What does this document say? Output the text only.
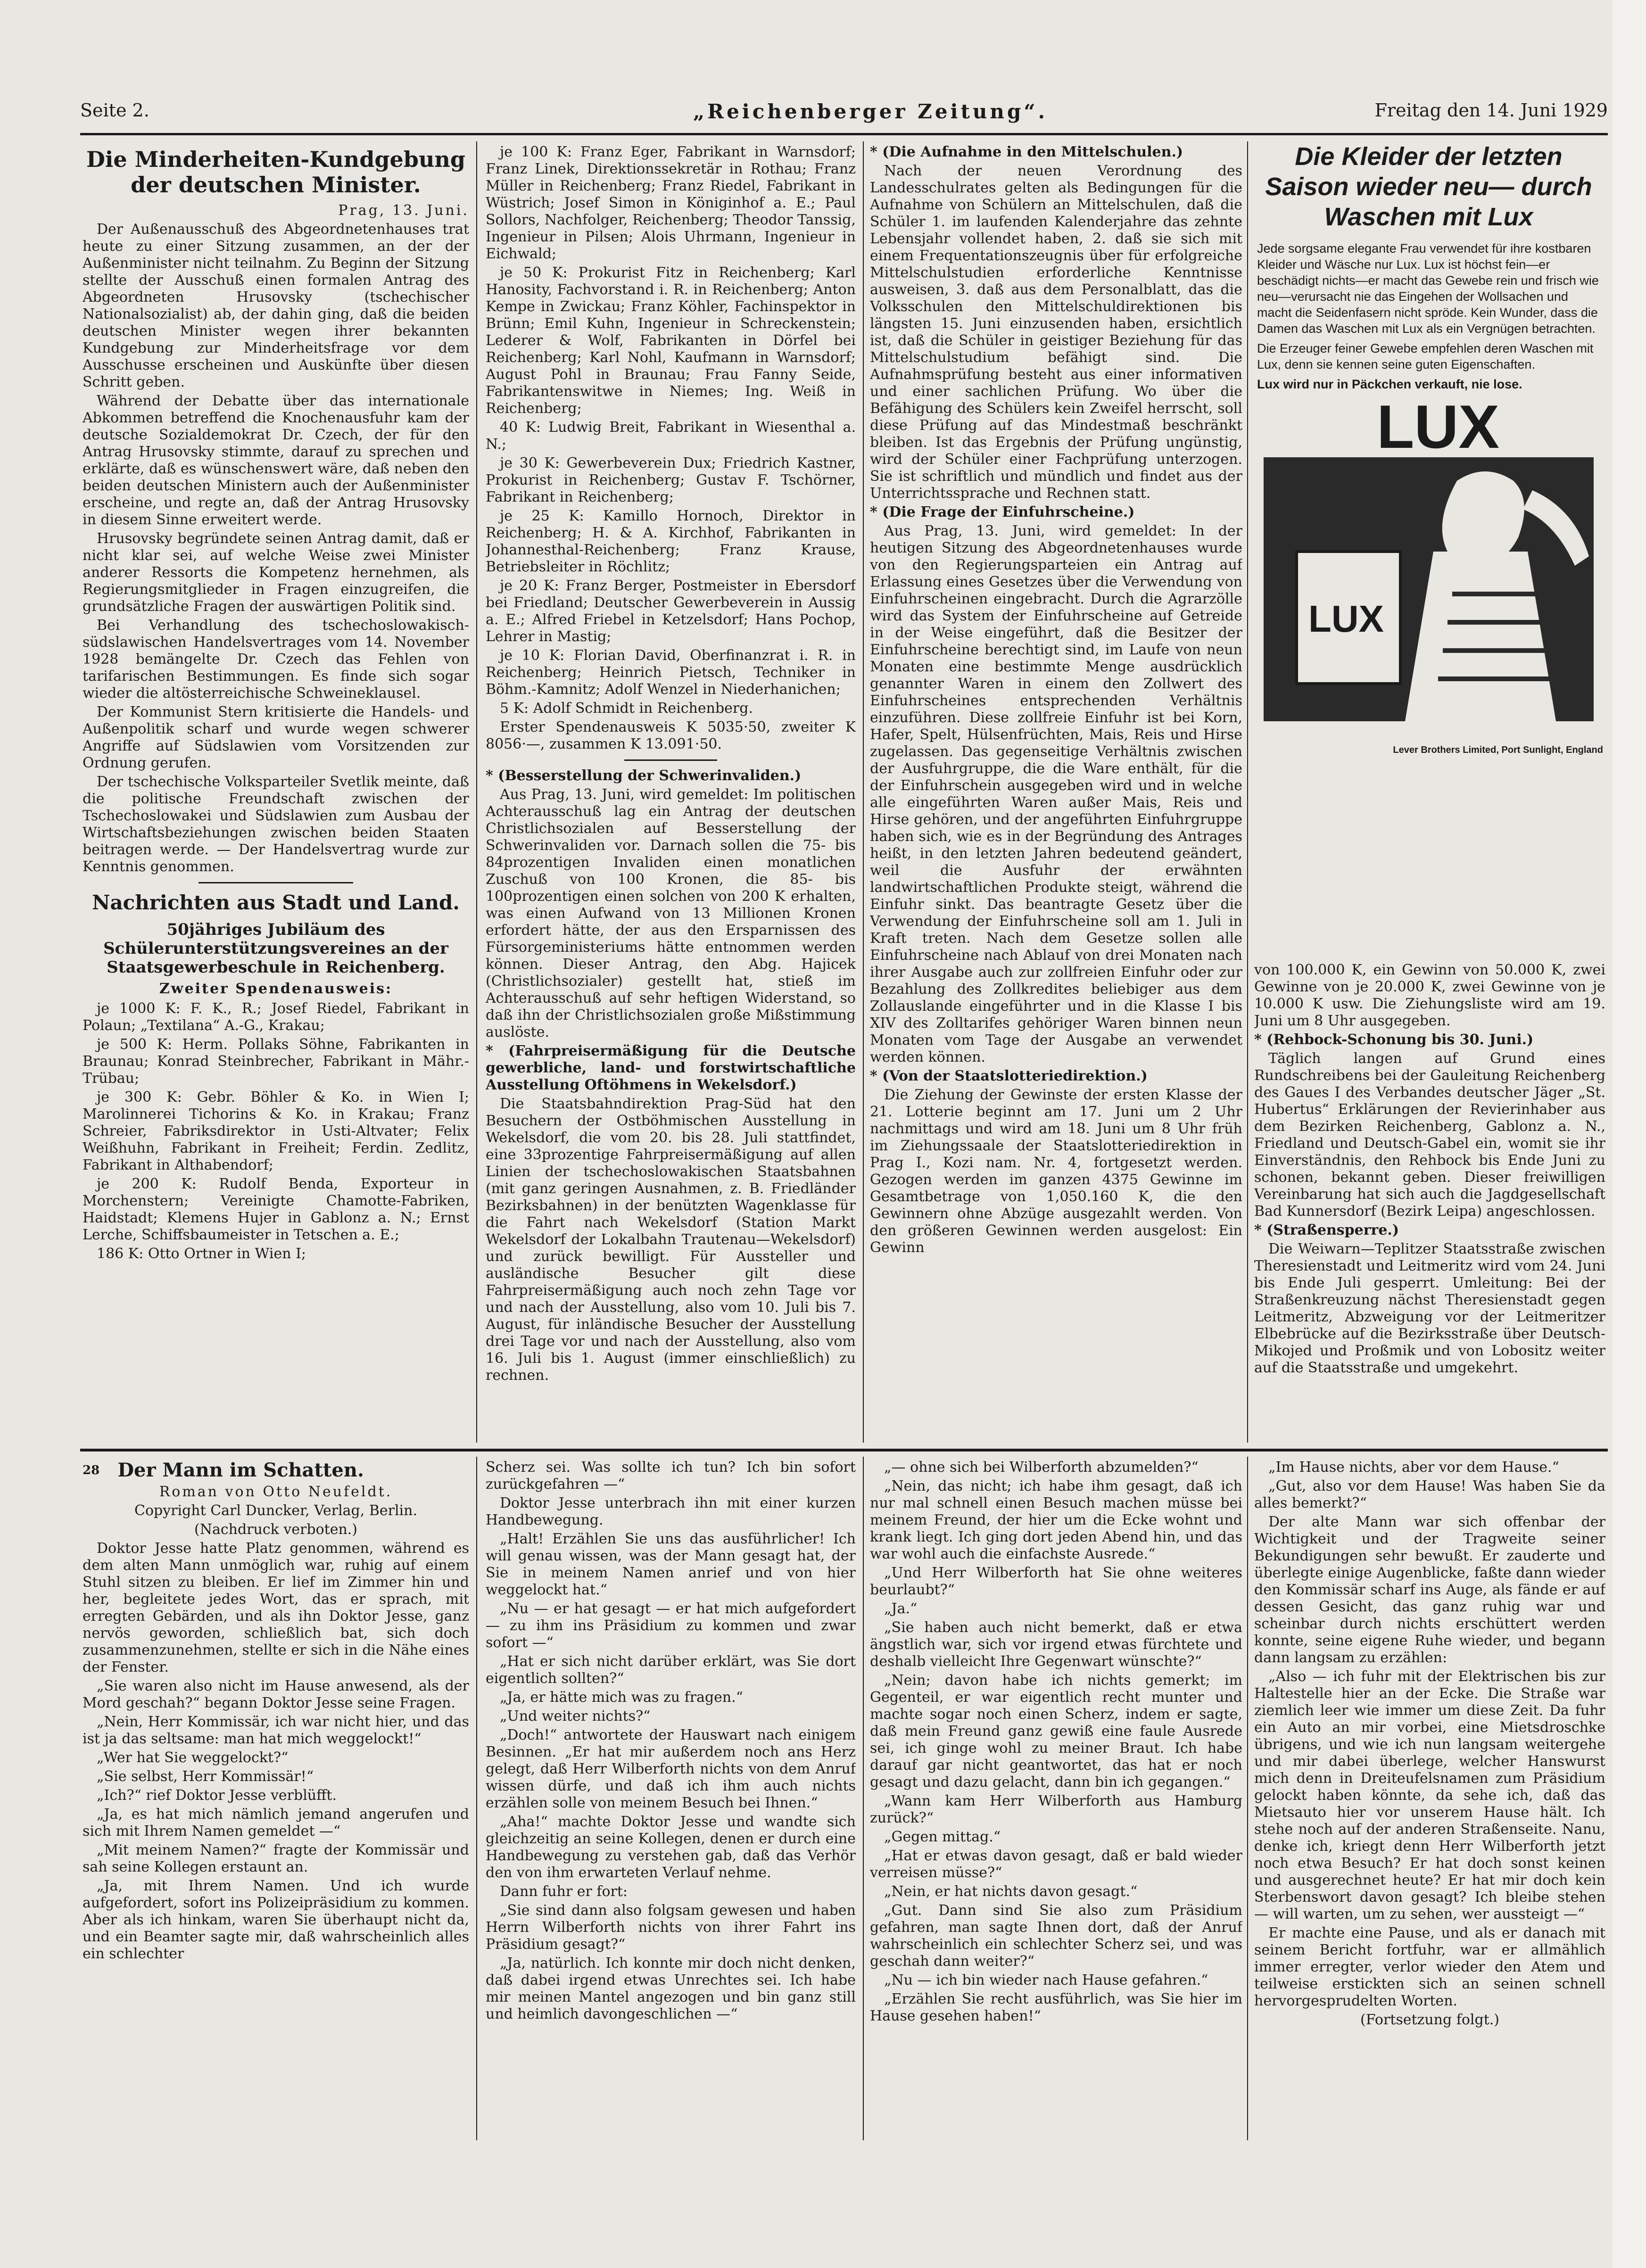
Seite 2.	„Reichenberger Zeitung“.	Freitag den 14. Juni 1929
Die Minderheiten-Kundgebung der deutschen Minister.

Prag, 13. Juni.

Der Außenausschuß des Abgeordnetenhauses trat heute zu einer Sitzung zusammen, an der der Außenminister nicht teilnahm. Zu Beginn der Sitzung stellte der Ausschuß einen formalen Antrag des Abgeordneten Hrusovsky (tschechischer Nationalsozialist) ab, der dahin ging, daß die beiden deutschen Minister wegen ihrer bekannten Kundgebung zur Minderheitsfrage vor dem Ausschusse erscheinen und Auskünfte über diesen Schritt geben.

Während der Debatte über das internationale Abkommen betreffend die Knochenausfuhr kam der deutsche Sozialdemokrat Dr. Czech, der für den Antrag Hrusovsky stimmte, darauf zu sprechen und erklärte, daß es wünschenswert wäre, daß neben den beiden deutschen Ministern auch der Außenminister erscheine, und regte an, daß der Antrag Hrusovsky in diesem Sinne erweitert werde.

Hrusovsky begründete seinen Antrag damit, daß er nicht klar sei, auf welche Weise zwei Minister anderer Ressorts die Kompetenz hernehmen, als Regierungsmitglieder in Fragen einzugreifen, die grundsätzliche Fragen der auswärtigen Politik sind.

Bei Verhandlung des tschechoslowakisch-südslawischen Handelsvertrages vom 14. November 1928 bemängelte Dr. Czech das Fehlen von tarifarischen Bestimmungen. Es finde sich sogar wieder die altösterreichische Schweineklausel.

Der Kommunist Stern kritisierte die Handels- und Außenpolitik scharf und wurde wegen schwerer Angriffe auf Südslawien vom Vorsitzenden zur Ordnung gerufen.

Der tschechische Volksparteiler Svetlik meinte, daß die politische Freundschaft zwischen der Tschechoslowakei und Südslawien zum Ausbau der Wirtschaftsbeziehungen zwischen beiden Staaten beitragen werde. — Der Handelsvertrag wurde zur Kenntnis genommen.

Nachrichten aus Stadt und Land.
50jähriges Jubiläum des Schülerunterstützungsvereines an der Staatsgewerbeschule in Reichenberg.

Zweiter Spendenausweis:

je 1000 K: F. K., R.; Josef Riedel, Fabrikant in Polaun; „Textilana“ A.-G., Krakau;

je 500 K: Herm. Pollaks Söhne, Fabrikanten in Braunau; Konrad Steinbrecher, Fabrikant in Mähr.-Trübau;

je 300 K: Gebr. Böhler & Ko. in Wien I; Marolinnerei Tichorins & Ko. in Krakau; Franz Schreier, Fabriksdirektor in Usti-Altvater; Felix Weißhuhn, Fabrikant in Freiheit; Ferdin. Zedlitz, Fabrikant in Althabendorf;

je 200 K: Rudolf Benda, Exporteur in Morchenstern; Vereinigte Chamotte-Fabriken, Haidstadt; Klemens Hujer in Gablonz a. N.; Ernst Lerche, Schiffsbaumeister in Tetschen a. E.;

186 K: Otto Ortner in Wien I;

je 100 K: Franz Eger, Fabrikant in Warnsdorf; Franz Linek, Direktionssekretär in Rothau; Franz Müller in Reichenberg; Franz Riedel, Fabrikant in Wüstrich; Josef Simon in Königinhof a. E.; Paul Sollors, Nachfolger, Reichenberg; Theodor Tanssig, Ingenieur in Pilsen; Alois Uhrmann, Ingenieur in Eichwald;

je 50 K: Prokurist Fitz in Reichenberg; Karl Hanosity, Fachvorstand i. R. in Reichenberg; Anton Kempe in Zwickau; Franz Köhler, Fachinspektor in Brünn; Emil Kuhn, Ingenieur in Schreckenstein; Lederer & Wolf, Fabrikanten in Dörfel bei Reichenberg; Karl Nohl, Kaufmann in Warnsdorf; August Pohl in Braunau; Frau Fanny Seide, Fabrikantenswitwe in Niemes; Ing. Weiß in Reichenberg;

40 K: Ludwig Breit, Fabrikant in Wiesenthal a. N.;

je 30 K: Gewerbeverein Dux; Friedrich Kastner, Prokurist in Reichenberg; Gustav F. Tschörner, Fabrikant in Reichenberg;

je 25 K: Kamillo Hornoch, Direktor in Reichenberg; H. & A. Kirchhof, Fabrikanten in Johannesthal-Reichenberg; Franz Krause, Betriebsleiter in Röchlitz;

je 20 K: Franz Berger, Postmeister in Ebersdorf bei Friedland; Deutscher Gewerbeverein in Aussig a. E.; Alfred Friebel in Ketzelsdorf; Hans Pochop, Lehrer in Mastig;

je 10 K: Florian David, Oberfinanzrat i. R. in Reichenberg; Heinrich Pietsch, Techniker in Böhm.-Kamnitz; Adolf Wenzel in Niederhanichen;

5 K: Adolf Schmidt in Reichenberg.

Erster Spendenausweis K 5035·50, zweiter K 8056·—, zusammen K 13.091·50.

* (Besserstellung der Schwerinvaliden.)

Aus Prag, 13. Juni, wird gemeldet: Im politischen Achterausschuß lag ein Antrag der deutschen Christlichsozialen auf Besserstellung der Schwerinvaliden vor. Darnach sollen die 75- bis 84prozentigen Invaliden einen monatlichen Zuschuß von 100 Kronen, die 85- bis 100prozentigen einen solchen von 200 K erhalten, was einen Aufwand von 13 Millionen Kronen erfordert hätte, der aus den Ersparnissen des Fürsorgeministeriums hätte entnommen werden können. Dieser Antrag, den Abg. Hajicek (Christlichsozialer) gestellt hat, stieß im Achterausschuß auf sehr heftigen Widerstand, so daß ihn der Christlichsozialen große Mißstimmung auslöste.

* (Fahrpreisermäßigung für die Deutsche gewerbliche, land- und forstwirtschaftliche Ausstellung Oftöhmens in Wekelsdorf.)

Die Staatsbahndirektion Prag-Süd hat den Besuchern der Ostböhmischen Ausstellung in Wekelsdorf, die vom 20. bis 28. Juli stattfindet, eine 33prozentige Fahrpreisermäßigung auf allen Linien der tschechoslowakischen Staatsbahnen (mit ganz geringen Ausnahmen, z. B. Friedländer Bezirksbahnen) in der benützten Wagenklasse für die Fahrt nach Wekelsdorf (Station Markt Wekelsdorf der Lokalbahn Trautenau—Wekelsdorf) und zurück bewilligt. Für Aussteller und ausländische Besucher gilt diese Fahrpreisermäßigung auch noch zehn Tage vor und nach der Ausstellung, also vom 10. Juli bis 7. August, für inländische Besucher der Ausstellung drei Tage vor und nach der Ausstellung, also vom 16. Juli bis 1. August (immer einschließlich) zu rechnen.

* (Die Aufnahme in den Mittelschulen.)

Nach der neuen Verordnung des Landesschulrates gelten als Bedingungen für die Aufnahme von Schülern an Mittelschulen, daß die Schüler 1. im laufenden Kalenderjahre das zehnte Lebensjahr vollendet haben, 2. daß sie sich mit einem Frequentationszeugnis über für erfolgreiche Mittelschulstudien erforderliche Kenntnisse ausweisen, 3. daß aus dem Personalblatt, das die Volksschulen den Mittelschuldirektionen bis längsten 15. Juni einzusenden haben, ersichtlich ist, daß die Schüler in geistiger Beziehung für das Mittelschulstudium befähigt sind. Die Aufnahmsprüfung besteht aus einer informativen und einer sachlichen Prüfung. Wo über die Befähigung des Schülers kein Zweifel herrscht, soll diese Prüfung auf das Mindestmaß beschränkt bleiben. Ist das Ergebnis der Prüfung ungünstig, wird der Schüler einer Fachprüfung unterzogen. Sie ist schriftlich und mündlich und findet aus der Unterrichtssprache und Rechnen statt.

* (Die Frage der Einfuhrscheine.)

Aus Prag, 13. Juni, wird gemeldet: In der heutigen Sitzung des Abgeordnetenhauses wurde von den Regierungsparteien ein Antrag auf Erlassung eines Gesetzes über die Verwendung von Einfuhrscheinen eingebracht. Durch die Agrarzölle wird das System der Einfuhrscheine auf Getreide in der Weise eingeführt, daß die Besitzer der Einfuhrscheine berechtigt sind, im Laufe von neun Monaten eine bestimmte Menge ausdrücklich genannter Waren in einem den Zollwert des Einfuhrscheines entsprechenden Verhältnis einzuführen. Diese zollfreie Einfuhr ist bei Korn, Hafer, Spelt, Hülsenfrüchten, Mais, Reis und Hirse zugelassen. Das gegenseitige Verhältnis zwischen der Ausfuhrgruppe, die die Ware enthält, für die der Einfuhrschein ausgegeben wird und in welche alle eingeführten Waren außer Mais, Reis und Hirse gehören, und der angeführten Einfuhrgruppe haben sich, wie es in der Begründung des Antrages heißt, in den letzten Jahren bedeutend geändert, weil die Ausfuhr der erwähnten landwirtschaftlichen Produkte steigt, während die Einfuhr sinkt. Das beantragte Gesetz über die Verwendung der Einfuhrscheine soll am 1. Juli in Kraft treten. Nach dem Gesetze sollen alle Einfuhrscheine nach Ablauf von drei Monaten nach ihrer Ausgabe auch zur zollfreien Einfuhr oder zur Bezahlung des Zollkredites beliebiger aus dem Zollauslande eingeführter und in die Klasse I bis XIV des Zolltarifes gehöriger Waren binnen neun Monaten vom Tage der Ausgabe an verwendet werden können.

* (Von der Staatslotteriedirektion.)

Die Ziehung der Gewinste der ersten Klasse der 21. Lotterie beginnt am 17. Juni um 2 Uhr nachmittags und wird am 18. Juni um 8 Uhr früh im Ziehungssaale der Staatslotteriedirektion in Prag I., Kozi nam. Nr. 4, fortgesetzt werden. Gezogen werden im ganzen 4375 Gewinne im Gesamtbetrage von 1,050.160 K, die den Gewinnern ohne Abzüge ausgezahlt werden. Von den größeren Gewinnen werden ausgelost: Ein Gewinn

Die Kleider der letzten Saison wieder neu— durch Waschen mit Lux

Jede sorgsame elegante Frau verwendet für ihre kostbaren Kleider und Wäsche nur Lux. Lux ist höchst fein—er beschädigt nichts—er macht das Gewebe rein und frisch wie neu—verursacht nie das Eingehen der Wollsachen und macht die Seidenfasern nicht spröde. Kein Wunder, dass die Damen das Waschen mit Lux als ein Vergnügen betrachten.

Die Erzeuger feiner Gewebe empfehlen deren Waschen mit Lux, denn sie kennen seine guten Eigenschaften.

Lux wird nur in Päckchen verkauft, nie lose.

LUX
LUX
Lever Brothers Limited, Port Sunlight, England

von 100.000 K, ein Gewinn von 50.000 K, zwei Gewinne von je 20.000 K, zwei Gewinne von je 10.000 K usw. Die Ziehungsliste wird am 19. Juni um 8 Uhr ausgegeben.

* (Rehbock-Schonung bis 30. Juni.)

Täglich langen auf Grund eines Rundschreibens bei der Gauleitung Reichenberg des Gaues I des Verbandes deutscher Jäger „St. Hubertus“ Erklärungen der Revierinhaber aus dem Bezirken Reichenberg, Gablonz a. N., Friedland und Deutsch-Gabel ein, womit sie ihr Einverständnis, den Rehbock bis Ende Juni zu schonen, bekannt geben. Dieser freiwilligen Vereinbarung hat sich auch die Jagdgesellschaft Bad Kunnersdorf (Bezirk Leipa) angeschlossen.

* (Straßensperre.)

Die Weiwarn—Teplitzer Staatsstraße zwischen Theresienstadt und Leitmeritz wird vom 24. Juni bis Ende Juli gesperrt. Umleitung: Bei der Straßenkreuzung nächst Theresienstadt gegen Leitmeritz, Abzweigung vor der Leitmeritzer Elbebrücke auf die Bezirksstraße über Deutsch-Mikojed und Proßmik und von Lobositz weiter auf die Staatsstraße und umgekehrt.

$^{28}$ Der Mann im Schatten.

Roman von Otto Neufeldt.

Copyright Carl Duncker, Verlag, Berlin.

(Nachdruck verboten.)

Doktor Jesse hatte Platz genommen, während es dem alten Mann unmöglich war, ruhig auf einem Stuhl sitzen zu bleiben. Er lief im Zimmer hin und her, begleitete jedes Wort, das er sprach, mit erregten Gebärden, und als ihn Doktor Jesse, ganz nervös geworden, schließlich bat, sich doch zusammenzunehmen, stellte er sich in die Nähe eines der Fenster.

„Sie waren also nicht im Hause anwesend, als der Mord geschah?“ begann Doktor Jesse seine Fragen.

„Nein, Herr Kommissär, ich war nicht hier, und das ist ja das seltsame: man hat mich weggelockt!“

„Wer hat Sie weggelockt?“

„Sie selbst, Herr Kommissär!“

„Ich?“ rief Doktor Jesse verblüfft.

„Ja, es hat mich nämlich jemand angerufen und sich mit Ihrem Namen gemeldet —“

„Mit meinem Namen?“ fragte der Kommissär und sah seine Kollegen erstaunt an.

„Ja, mit Ihrem Namen. Und ich wurde aufgefordert, sofort ins Polizeipräsidium zu kommen. Aber als ich hinkam, waren Sie überhaupt nicht da, und ein Beamter sagte mir, daß wahrscheinlich alles ein schlechter

Scherz sei. Was sollte ich tun? Ich bin sofort zurückgefahren —“

Doktor Jesse unterbrach ihn mit einer kurzen Handbewegung.

„Halt! Erzählen Sie uns das ausführlicher! Ich will genau wissen, was der Mann gesagt hat, der Sie in meinem Namen anrief und von hier weggelockt hat.“

„Nu — er hat gesagt — er hat mich aufgefordert — zu ihm ins Präsidium zu kommen und zwar sofort —“

„Hat er sich nicht darüber erklärt, was Sie dort eigentlich sollten?“

„Ja, er hätte mich was zu fragen.“

„Und weiter nichts?“

„Doch!“ antwortete der Hauswart nach einigem Besinnen. „Er hat mir außerdem noch ans Herz gelegt, daß Herr Wilberforth nichts von dem Anruf wissen dürfe, und daß ich ihm auch nichts erzählen solle von meinem Besuch bei Ihnen.“

„Aha!“ machte Doktor Jesse und wandte sich gleichzeitig an seine Kollegen, denen er durch eine Handbewegung zu verstehen gab, daß das Verhör den von ihm erwarteten Verlauf nehme.

Dann fuhr er fort:

„Sie sind dann also folgsam gewesen und haben Herrn Wilberforth nichts von ihrer Fahrt ins Präsidium gesagt?“

„Ja, natürlich. Ich konnte mir doch nicht denken, daß dabei irgend etwas Unrechtes sei. Ich habe mir meinen Mantel angezogen und bin ganz still und heimlich davongeschlichen —“

„— ohne sich bei Wilberforth abzumelden?“

„Nein, das nicht; ich habe ihm gesagt, daß ich nur mal schnell einen Besuch machen müsse bei meinem Freund, der hier um die Ecke wohnt und krank liegt. Ich ging dort jeden Abend hin, und das war wohl auch die einfachste Ausrede.“

„Und Herr Wilberforth hat Sie ohne weiteres beurlaubt?“

„Ja.“

„Sie haben auch nicht bemerkt, daß er etwa ängstlich war, sich vor irgend etwas fürchtete und deshalb vielleicht Ihre Gegenwart wünschte?“

„Nein; davon habe ich nichts gemerkt; im Gegenteil, er war eigentlich recht munter und machte sogar noch einen Scherz, indem er sagte, daß mein Freund ganz gewiß eine faule Ausrede sei, ich ginge wohl zu meiner Braut. Ich habe darauf gar nicht geantwortet, das hat er noch gesagt und dazu gelacht, dann bin ich gegangen.“

„Wann kam Herr Wilberforth aus Hamburg zurück?“

„Gegen mittag.“

„Hat er etwas davon gesagt, daß er bald wieder verreisen müsse?“

„Nein, er hat nichts davon gesagt.“

„Gut. Dann sind Sie also zum Präsidium gefahren, man sagte Ihnen dort, daß der Anruf wahrscheinlich ein schlechter Scherz sei, und was geschah dann weiter?“

„Nu — ich bin wieder nach Hause gefahren.“

„Erzählen Sie recht ausführlich, was Sie hier im Hause gesehen haben!“

„Im Hause nichts, aber vor dem Hause.“

„Gut, also vor dem Hause! Was haben Sie da alles bemerkt?“

Der alte Mann war sich offenbar der Wichtigkeit und der Tragweite seiner Bekundigungen sehr bewußt. Er zauderte und überlegte einige Augenblicke, faßte dann wieder den Kommissär scharf ins Auge, als fände er auf dessen Gesicht, das ganz ruhig war und scheinbar durch nichts erschüttert werden konnte, seine eigene Ruhe wieder, und begann dann langsam zu erzählen:

„Also — ich fuhr mit der Elektrischen bis zur Haltestelle hier an der Ecke. Die Straße war ziemlich leer wie immer um diese Zeit. Da fuhr ein Auto an mir vorbei, eine Mietsdroschke übrigens, und wie ich nun langsam weitergehe und mir dabei überlege, welcher Hanswurst mich denn in Dreiteufelsnamen zum Präsidium gelockt haben könnte, da sehe ich, daß das Mietsauto hier vor unserem Hause hält. Ich stehe noch auf der anderen Straßenseite. Nanu, denke ich, kriegt denn Herr Wilberforth jetzt noch etwa Besuch? Er hat doch sonst keinen und ausgerechnet heute? Er hat mir doch kein Sterbenswort davon gesagt? Ich bleibe stehen — will warten, um zu sehen, wer aussteigt —“

Er machte eine Pause, und als er danach mit seinem Bericht fortfuhr, war er allmählich immer erregter, verlor wieder den Atem und teilweise erstickten sich an seinen schnell hervorgesprudelten Worten.

(Fortsetzung folgt.)
